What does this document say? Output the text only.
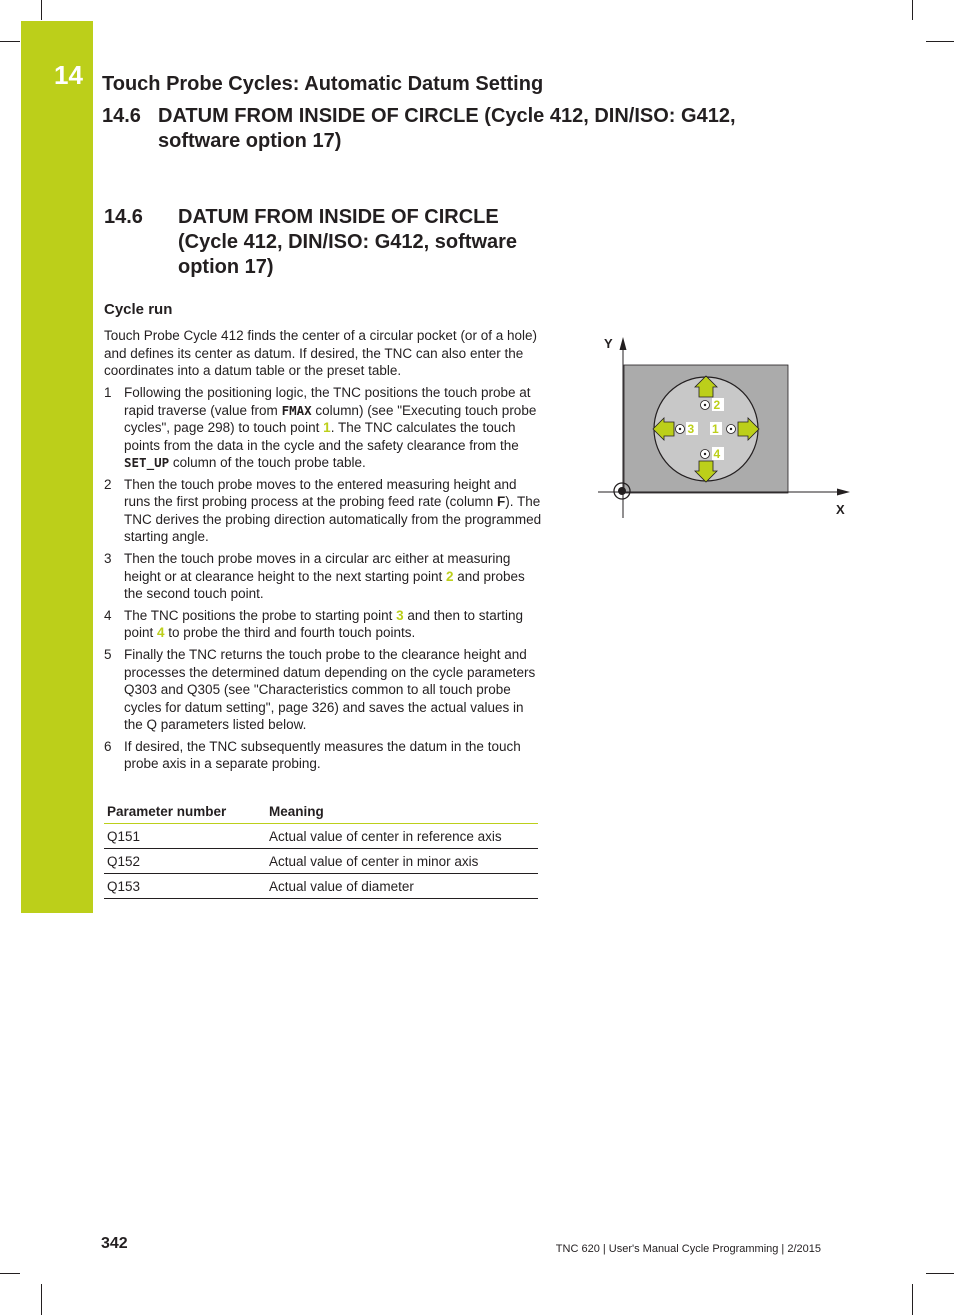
14 Touch Probe Cycles: Automatic Datum Setting
14.6 DATUM FROM INSIDE OF CIRCLE (Cycle 412, DIN/ISO: G412, software option 17)
14.6 DATUM FROM INSIDE OF CIRCLE (Cycle 412, DIN/ISO: G412, software option 17)
Cycle run
Touch Probe Cycle 412 finds the center of a circular pocket (or of a hole) and defines its center as datum. If desired, the TNC can also enter the coordinates into a datum table or the preset table.
1 Following the positioning logic, the TNC positions the touch probe at rapid traverse (value from FMAX column) (see "Executing touch probe cycles", page 298) to touch point 1. The TNC calculates the touch points from the data in the cycle and the safety clearance from the SET_UP column of the touch probe table.
2 Then the touch probe moves to the entered measuring height and runs the first probing process at the probing feed rate (column F). The TNC derives the probing direction automatically from the programmed starting angle.
3 Then the touch probe moves in a circular arc either at measuring height or at clearance height to the next starting point 2 and probes the second touch point.
4 The TNC positions the probe to starting point 3 and then to starting point 4 to probe the third and fourth touch points.
5 Finally the TNC returns the touch probe to the clearance height and processes the determined datum depending on the cycle parameters Q303 and Q305 (see "Characteristics common to all touch probe cycles for datum setting", page 326) and saves the actual values in the Q parameters listed below.
6 If desired, the TNC subsequently measures the datum in the touch probe axis in a separate probing.
Parameter number	Meaning
Q151	Actual value of center in reference axis
Q152	Actual value of center in minor axis
Q153	Actual value of diameter
Y
X
2
4
3 1
342	TNC 620 | User's Manual Cycle Programming | 2/2015
